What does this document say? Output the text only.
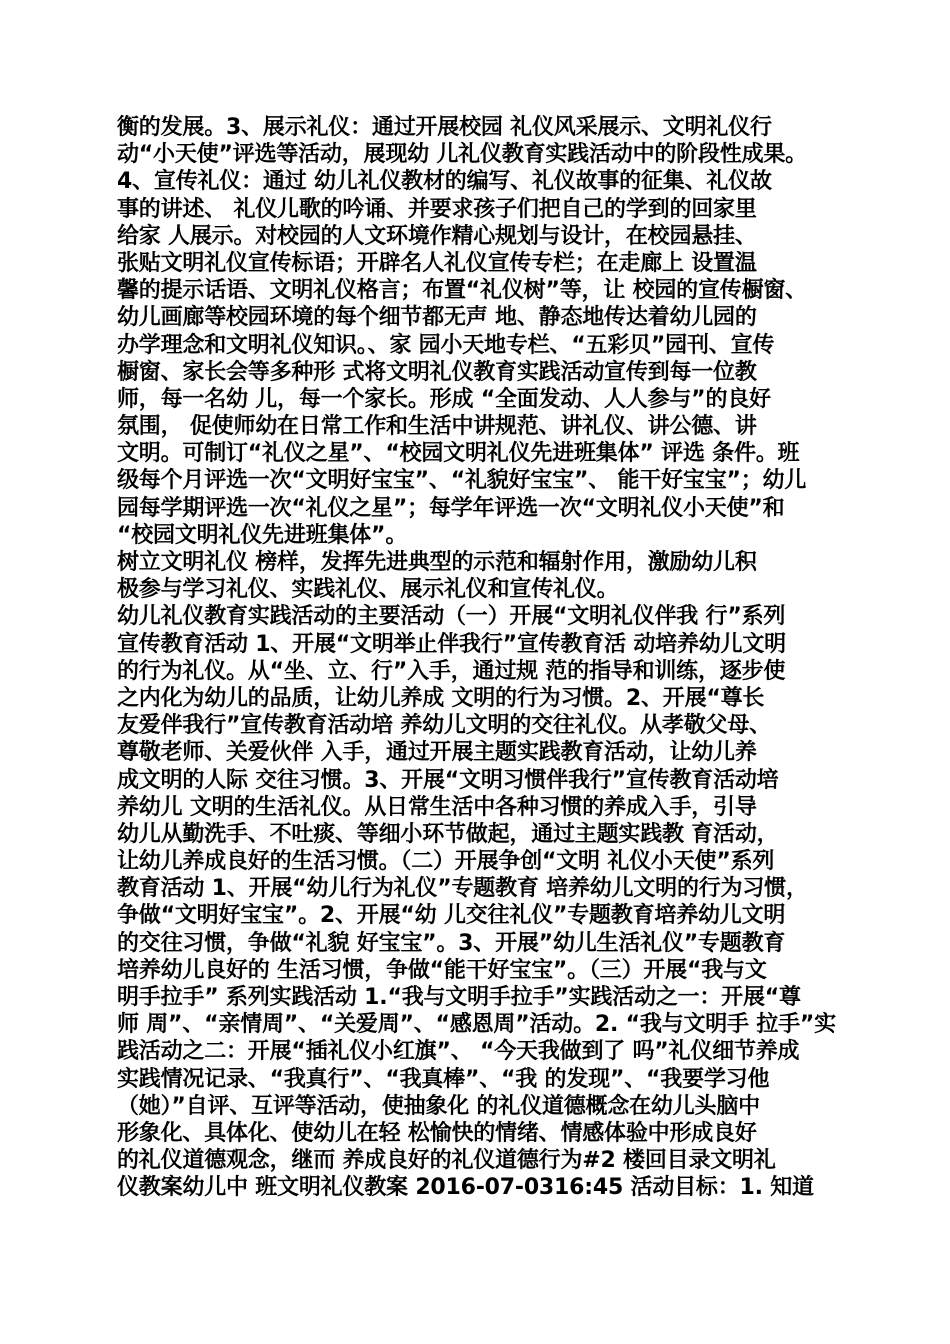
衡的发展。3、展示礼仪：通过开展校园 礼仪风采展示、文明礼仪行
动“小天使”评选等活动，展现幼 儿礼仪教育实践活动中的阶段性成果。
4、宣传礼仪：通过 幼儿礼仪教材的编写、礼仪故事的征集、礼仪故
事的讲述、 礼仪儿歌的吟诵、并要求孩子们把自己的学到的回家里
给家 人展示。对校园的人文环境作精心规划与设计，在校园悬挂、
张贴文明礼仪宣传标语；开辟名人礼仪宣传专栏；在走廊上 设置温
馨的提示话语、文明礼仪格言；布置“礼仪树”等，让 校园的宣传橱窗、
幼儿画廊等校园环境的每个细节都无声 地、静态地传达着幼儿园的
办学理念和文明礼仪知识。、家 园小天地专栏、“五彩贝”园刊、宣传
橱窗、家长会等多种形 式将文明礼仪教育实践活动宣传到每一位教
师，每一名幼 儿，每一个家长。形成 “全面发动、人人参与”的良好
氛围， 促使师幼在日常工作和生活中讲规范、讲礼仪、讲公德、讲
文明。可制订“礼仪之星”、“校园文明礼仪先进班集体” 评选 条件。班
级每个月评选一次“文明好宝宝”、“礼貌好宝宝”、 能干好宝宝”；幼儿
园每学期评选一次“礼仪之星”；每学年评选一次“文明礼仪小天使”和
“校园文明礼仪先进班集体”。
树立文明礼仪 榜样，发挥先进典型的示范和辐射作用，激励幼儿积
极参与学习礼仪、实践礼仪、展示礼仪和宣传礼仪。
幼儿礼仪教育实践活动的主要活动（一）开展“文明礼仪伴我 行”系列
宣传教育活动 1、开展“文明举止伴我行”宣传教育活 动培养幼儿文明
的行为礼仪。从“坐、立、行”入手，通过规 范的指导和训练，逐步使
之内化为幼儿的品质，让幼儿养成 文明的行为习惯。2、开展“尊长
友爱伴我行”宣传教育活动培 养幼儿文明的交往礼仪。从孝敬父母、
尊敬老师、关爱伙伴 入手，通过开展主题实践教育活动，让幼儿养
成文明的人际 交往习惯。3、开展“文明习惯伴我行”宣传教育活动培
养幼儿 文明的生活礼仪。从日常生活中各种习惯的养成入手，引导
幼儿从勤洗手、不吐痰、等细小环节做起，通过主题实践教 育活动，
让幼儿养成良好的生活习惯。（二）开展争创“文明 礼仪小天使”系列
教育活动 1、开展“幼儿行为礼仪”专题教育 培养幼儿文明的行为习惯，
争做“文明好宝宝”。2、开展“幼 儿交往礼仪”专题教育培养幼儿文明
的交往习惯，争做“礼貌 好宝宝”。3、开展”幼儿生活礼仪”专题教育
培养幼儿良好的 生活习惯，争做“能干好宝宝”。（三）开展“我与文
明手拉手” 系列实践活动 1.“我与文明手拉手”实践活动之一：开展“尊
师 周”、“亲情周”、“关爱周”、“感恩周”活动。2. “我与文明手 拉手”实
践活动之二：开展“插礼仪小红旗”、 “今天我做到了 吗”礼仪细节养成
实践情况记录、“我真行”、“我真棒”、“我 的发现”、“我要学习他
（她）”自评、互评等活动，使抽象化 的礼仪道德概念在幼儿头脑中
形象化、具体化、使幼儿在轻 松愉快的情绪、情感体验中形成良好
的礼仪道德观念，继而 养成良好的礼仪道德行为#2 楼回目录文明礼
仪教案幼儿中 班文明礼仪教案 2016-07-0316:45 活动目标：1. 知道
